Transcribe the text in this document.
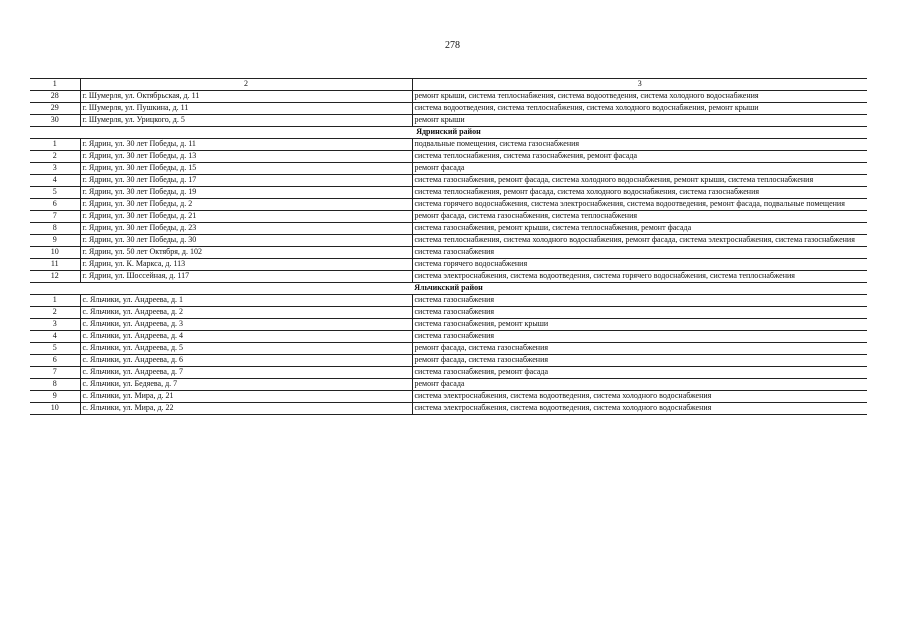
278
1	2	3
28	г. Шумерля, ул. Октябрьская, д. 11	ремонт крыши, система теплоснабжения, система водоотведения, система холодного водоснабжения
29	г. Шумерля, ул. Пушкина, д. 11	система водоотведения, система теплоснабжения, система холодного водоснабжения, ремонт крыши
30	г. Шумерля, ул. Урицкого, д. 5	ремонт крыши
Ядринский район		
1	г. Ядрин, ул. 30 лет Победы, д. 11	подвальные помещения, система газоснабжения
2	г. Ядрин, ул. 30 лет Победы, д. 13	система теплоснабжения, система газоснабжения, ремонт фасада
3	г. Ядрин, ул. 30 лет Победы, д. 15	ремонт фасада
4	г. Ядрин, ул. 30 лет Победы, д. 17	система газоснабжения, ремонт фасада, система холодного водоснабжения, ремонт крыши, система теплоснабжения
5	г. Ядрин, ул. 30 лет Победы, д. 19	система теплоснабжения, ремонт фасада, система холодного водоснабжения, система газоснабжения
6	г. Ядрин, ул. 30 лет Победы, д. 2	система горячего водоснабжения, система электроснабжения, система водоотведения, ремонт фасада, подвальные помещения
7	г. Ядрин, ул. 30 лет Победы, д. 21	ремонт фасада, система газоснабжения, система теплоснабжения
8	г. Ядрин, ул. 30 лет Победы, д. 23	система газоснабжения, ремонт крыши, система теплоснабжения, ремонт фасада
9	г. Ядрин, ул. 30 лет Победы, д. 30	система теплоснабжения, система холодного водоснабжения, ремонт фасада, система электроснабжения, система газоснабжения
10	г. Ядрин, ул. 50 лет Октября, д. 102	система газоснабжения
11	г. Ядрин, ул. К. Маркса, д. 113	система горячего водоснабжения
12	г. Ядрин, ул. Шоссейная, д. 117	система электроснабжения, система водоотведения, система горячего водоснабжения, система теплоснабжения
Яльчикский район		
1	с. Яльчики, ул. Андреева, д. 1	система газоснабжения
2	с. Яльчики, ул. Андреева, д. 2	система газоснабжения
3	с. Яльчики, ул. Андреева, д. 3	система газоснабжения, ремонт крыши
4	с. Яльчики, ул. Андреева, д. 4	система газоснабжения
5	с. Яльчики, ул. Андреева, д. 5	ремонт фасада, система газоснабжения
6	с. Яльчики, ул. Андреева, д. 6	ремонт фасада, система газоснабжения
7	с. Яльчики, ул. Андреева, д. 7	система газоснабжения, ремонт фасада
8	с. Яльчики, ул. Бедяева, д. 7	ремонт фасада
9	с. Яльчики, ул. Мира, д. 21	система электроснабжения, система водоотведения, система холодного водоснабжения
10	с. Яльчики, ул. Мира, д. 22	система электроснабжения, система водоотведения, система холодного водоснабжения
